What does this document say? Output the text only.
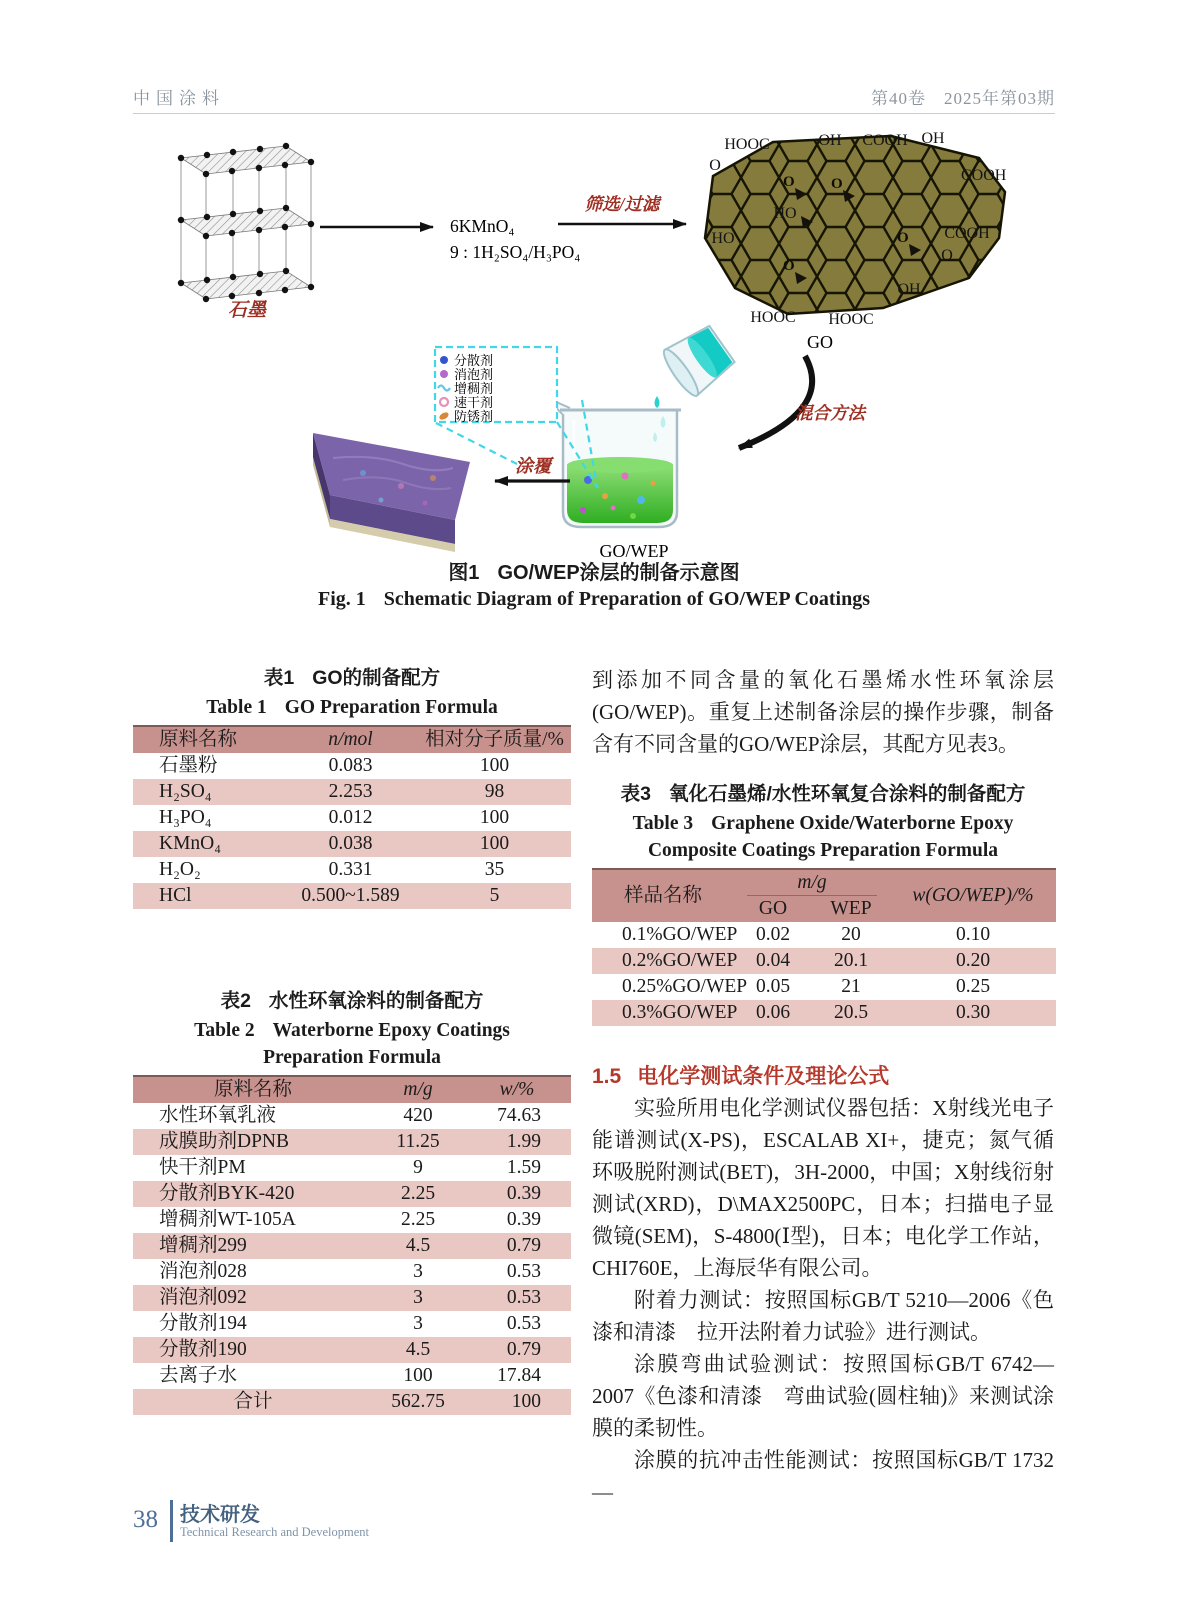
中国涂料	第40卷　2025年第03期
石墨
6KMnO₄
9 : 1H₂SO₄/H₃PO₄
筛选/过滤
O O
O
O
HOOC
O
OH COOH OH
COOH
COOH
O
HO
HO
OH
HOOC HOOC
GO
混合方法
GO/WEP
分散剂
消泡剂
增稠剂
速干剂
防锈剂
涂覆
图1 GO/WEP涂层的制备示意图
Fig. 1 Schematic Diagram of Preparation of GO/WEP Coatings
表1 GO的制备配方
Table 1 GO Preparation Formula
原料名称	n/mol	相对分子质量/%
石墨粉	0.083	100
H₂SO₄	2.253	98
H₃PO₄	0.012	100
KMnO₄	0.038	100
H₂O₂	0.331	35
HCl	0.500~1.589	5
表2 水性环氧涂料的制备配方
Table 2 Waterborne Epoxy Coatings Preparation Formula
原料名称	m/g	w/%
水性环氧乳液	420	74.63
成膜助剂DPNB	11.25	1.99
快干剂PM	9	1.59
分散剂BYK-420	2.25	0.39
增稠剂WT-105A	2.25	0.39
增稠剂299	4.5	0.79
消泡剂028	3	0.53
消泡剂092	3	0.53
分散剂194	3	0.53
分散剂190	4.5	0.79
去离子水	100	17.84
合计	562.75	100

到添加不同含量的氧化石墨烯水性环氧涂层(GO/WEP)。重复上述制备涂层的操作步骤，制备含有不同含量的GO/WEP涂层，其配方见表3。

表3 氧化石墨烯/水性环氧复合涂料的制备配方
Table 3 Graphene Oxide/Waterborne Epoxy Composite Coatings Preparation Formula
样品名称	m/g		w(GO/WEP)/%
	GO	WEP	
0.1%GO/WEP	0.02	20	0.10
0.2%GO/WEP	0.04	20.1	0.20
0.25%GO/WEP	0.05	21	0.25
0.3%GO/WEP	0.06	20.5	0.30
1.5 电化学测试条件及理论公式

实验所用电化学测试仪器包括：X射线光电子能谱测试(X-PS)，ESCALAB XI+，捷克；氮气循环吸脱附测试(BET)，3H-2000，中国；X射线衍射测试(XRD)，D\MAX2500PC，日本；扫描电子显微镜(SEM)，S-4800(Ⅰ型)，日本；电化学工作站，CHI760E，上海辰华有限公司。

附着力测试：按照国标GB/T 5210—2006《色漆和清漆　拉开法附着力试验》进行测试。

涂膜弯曲试验测试：按照国标GB/T 6742—2007《色漆和清漆　弯曲试验(圆柱轴)》来测试涂膜的柔韧性。

涂膜的抗冲击性能测试：按照国标GB/T 1732—

38 技术研发
Technical Research and Development
